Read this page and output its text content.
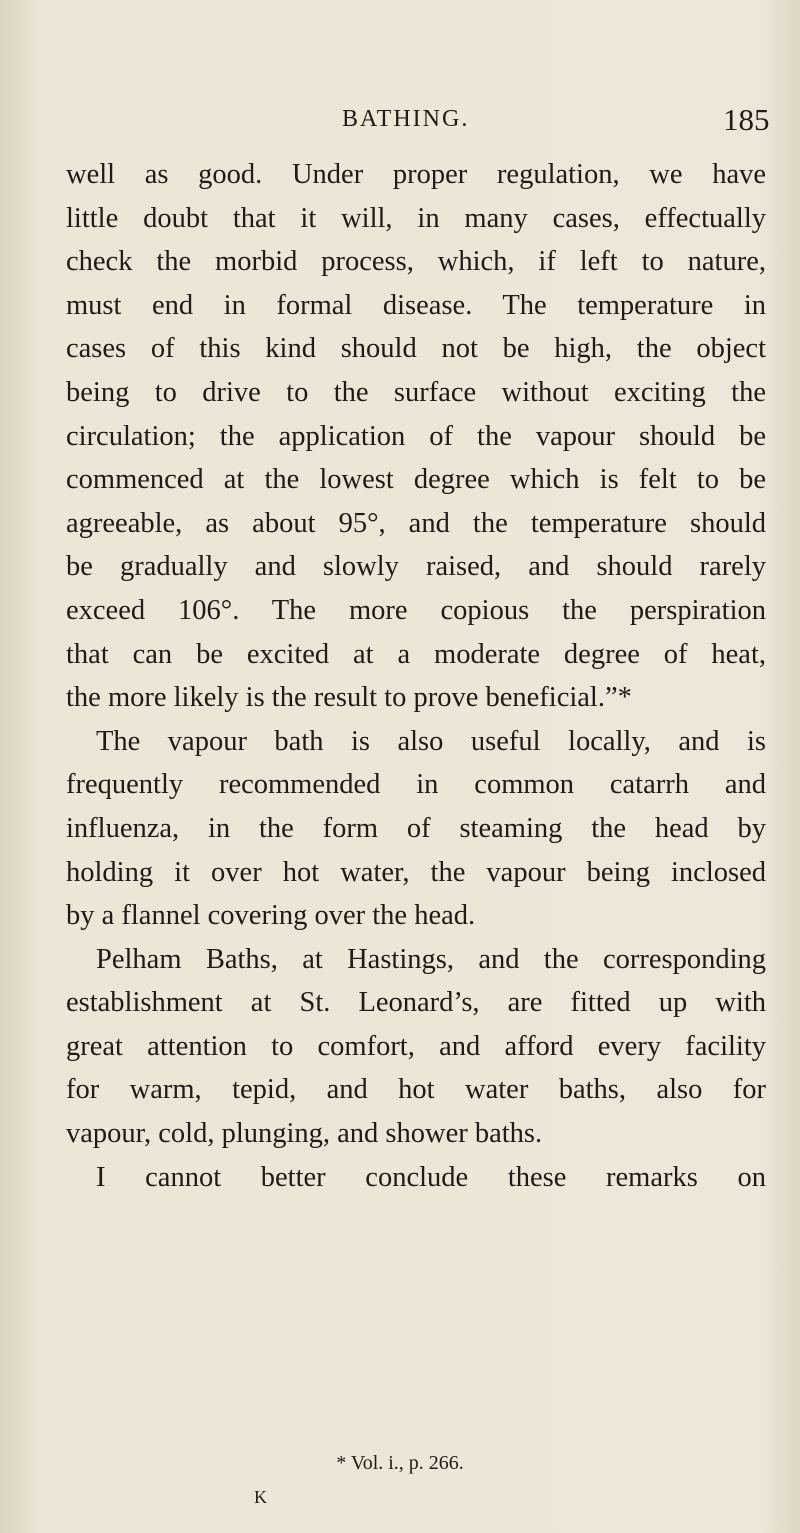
BATHING.	185
well as good. Under proper regulation, we have
little doubt that it will, in many cases, effectually
check the morbid process, which, if left to nature,
must end in formal disease. The temperature in
cases of this kind should not be high, the object
being to drive to the surface without exciting the
circulation; the application of the vapour should be
commenced at the lowest degree which is felt to be
agreeable, as about 95°, and the temperature should
be gradually and slowly raised, and should rarely
exceed 106°. The more copious the perspiration
that can be excited at a moderate degree of heat,
the more likely is the result to prove beneficial.”*
The vapour bath is also useful locally, and is
frequently recommended in common catarrh and
influenza, in the form of steaming the head by
holding it over hot water, the vapour being inclosed
by a flannel covering over the head.
Pelham Baths, at Hastings, and the corresponding
establishment at St. Leonard’s, are fitted up with
great attention to comfort, and afford every facility
for warm, tepid, and hot water baths, also for
vapour, cold, plunging, and shower baths.
I cannot better conclude these remarks on
* Vol. i., p. 266.
K
